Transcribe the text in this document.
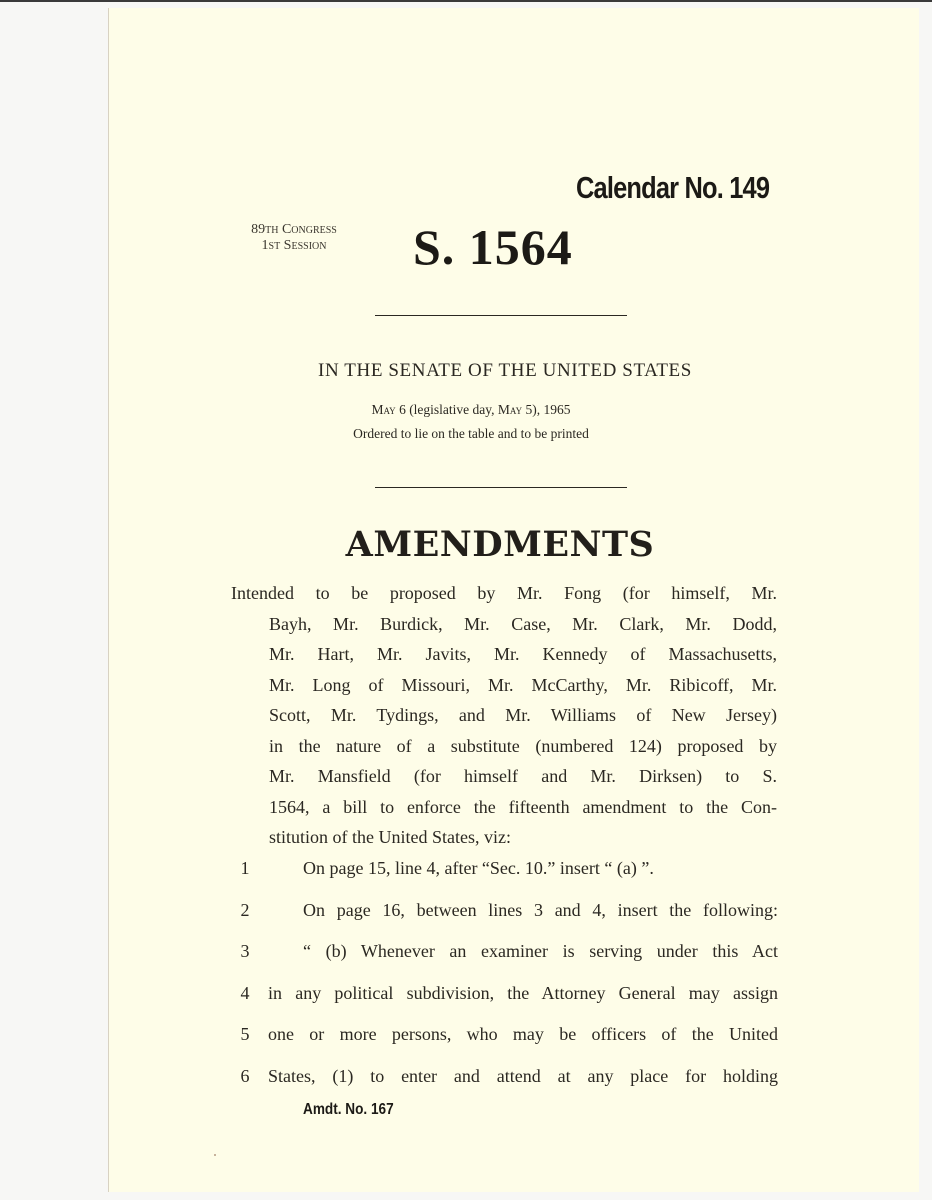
Calendar No. 149
89th Congress
1st Session	S. 1564
IN THE SENATE OF THE UNITED STATES
May 6 (legislative day, May 5), 1965
Ordered to lie on the table and to be printed
AMENDMENTS
Intended to be proposed by Mr. Fong (for himself, Mr.
Bayh, Mr. Burdick, Mr. Case, Mr. Clark, Mr. Dodd,
Mr. Hart, Mr. Javits, Mr. Kennedy of Massachusetts,
Mr. Long of Missouri, Mr. McCarthy, Mr. Ribicoff, Mr.
Scott, Mr. Tydings, and Mr. Williams of New Jersey)
in the nature of a substitute (numbered 124) proposed by
Mr. Mansfield (for himself and Mr. Dirksen) to S.
1564, a bill to enforce the fifteenth amendment to the Con-
stitution of the United States, viz:
1	On page 15, line 4, after “Sec. 10.” insert “ (a) ”.
2	On page 16, between lines 3 and 4, insert the following:
3	“ (b) Whenever an examiner is serving under this Act
4 in any political subdivision, the Attorney General may assign
5 one or more persons, who may be officers of the United
6 States, (1) to enter and attend at any place for holding
Amdt. No. 167
